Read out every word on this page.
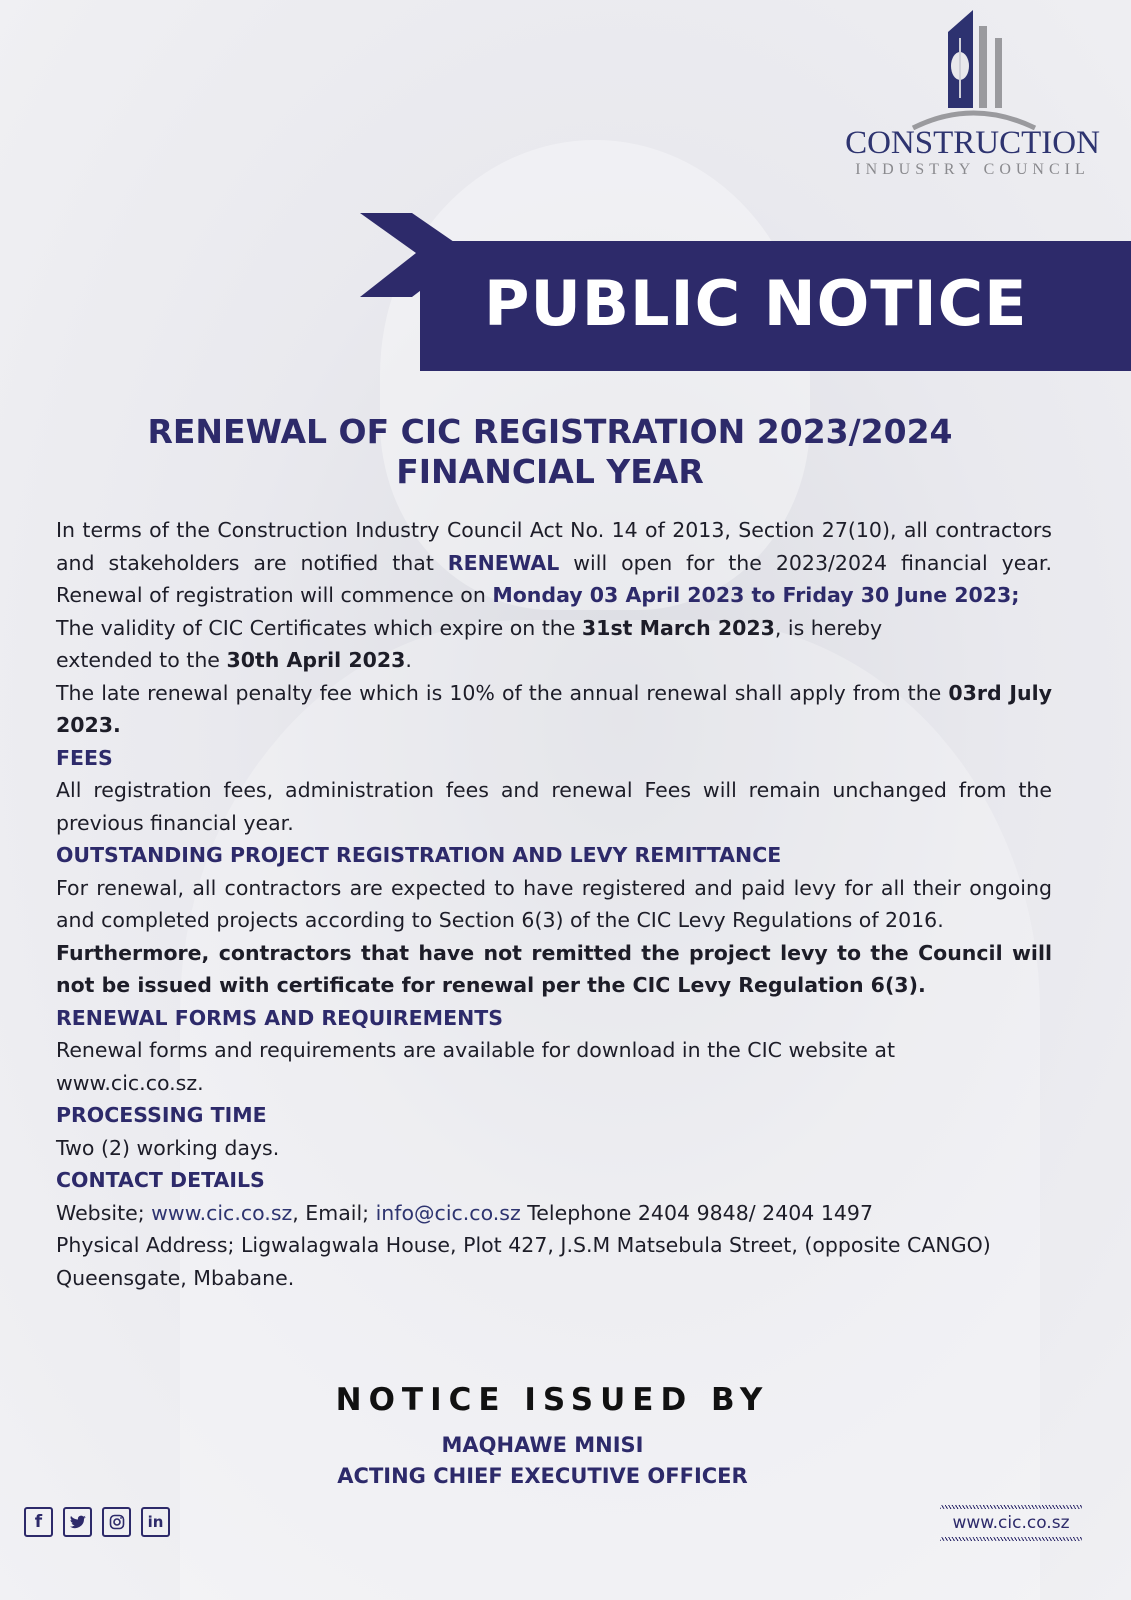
CONSTRUCTION
INDUSTRY COUNCIL
PUBLIC NOTICE
RENEWAL OF CIC REGISTRATION 2023/2024
FINANCIAL YEAR

In terms of the Construction Industry Council Act No. 14 of 2013, Section 27(10), all contractors and stakeholders are notified that RENEWAL will open for the 2023/2024 financial year. Renewal of registration will commence on Monday 03 April 2023 to Friday 30 June 2023;

The validity of CIC Certificates which expire on the 31st March 2023, is hereby extended to the 30th April 2023.

The late renewal penalty fee which is 10% of the annual renewal shall apply from the 03rd July 2023.

FEES

All registration fees, administration fees and renewal Fees will remain unchanged from the previous financial year.

OUTSTANDING PROJECT REGISTRATION AND LEVY REMITTANCE

For renewal, all contractors are expected to have registered and paid levy for all their ongoing and completed projects according to Section 6(3) of the CIC Levy Regulations of 2016.

Furthermore, contractors that have not remitted the project levy to the Council will not be issued with certificate for renewal per the CIC Levy Regulation 6(3).

RENEWAL FORMS AND REQUIREMENTS

Renewal forms and requirements are available for download in the CIC website at www.cic.co.sz.

PROCESSING TIME

Two (2) working days.

CONTACT DETAILS

Website; www.cic.co.sz, Email; info@cic.co.sz Telephone 2404 9848/ 2404 1497

Physical Address; Ligwalagwala House, Plot 427, J.S.M Matsebula Street, (opposite CANGO) Queensgate, Mbabane.

NOTICE ISSUED BY
MAQHAWE MNISI
ACTING CHIEF EXECUTIVE OFFICER
f	in	www.cic.co.sz
